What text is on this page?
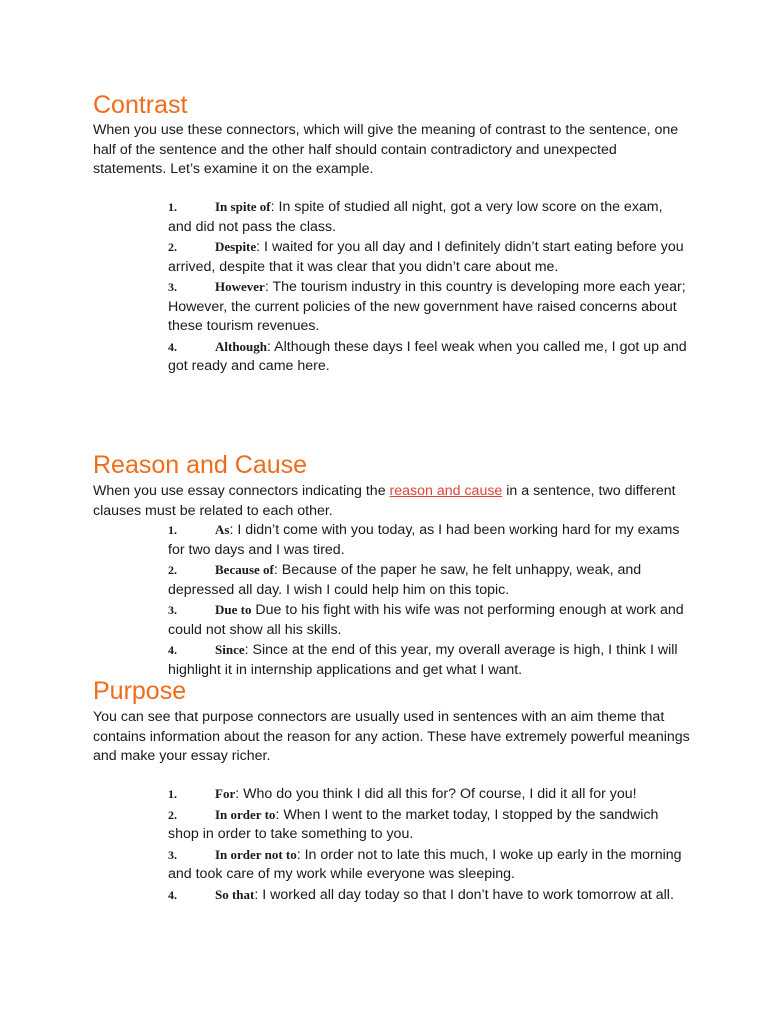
Contrast

When you use these connectors, which will give the meaning of contrast to the sentence, one half of the sentence and the other half should contain contradictory and unexpected statements. Let’s examine it on the example.

1.	In spite of: In spite of studied all night, got a very low score on the exam, and did not pass the class.
2.	Despite: I waited for you all day and I definitely didn’t start eating before you arrived, despite that it was clear that you didn’t care about me.
3.	However: The tourism industry in this country is developing more each year; However, the current policies of the new government have raised concerns about these tourism revenues.
4.	Although: Although these days I feel weak when you called me, I got up and got ready and came here.
Reason and Cause

When you use essay connectors indicating the reason and cause in a sentence, two different clauses must be related to each other.

1.	As: I didn’t come with you today, as I had been working hard for my exams for two days and I was tired.
2.	Because of: Because of the paper he saw, he felt unhappy, weak, and depressed all day. I wish I could help him on this topic.
3.	Due to Due to his fight with his wife was not performing enough at work and could not show all his skills.
4.	Since: Since at the end of this year, my overall average is high, I think I will highlight it in internship applications and get what I want.
Purpose

You can see that purpose connectors are usually used in sentences with an aim theme that contains information about the reason for any action. These have extremely powerful meanings and make your essay richer.

1.	For: Who do you think I did all this for? Of course, I did it all for you!
2.	In order to: When I went to the market today, I stopped by the sandwich shop in order to take something to you.
3.	In order not to: In order not to late this much, I woke up early in the morning and took care of my work while everyone was sleeping.
4.	So that: I worked all day today so that I don’t have to work tomorrow at all.
